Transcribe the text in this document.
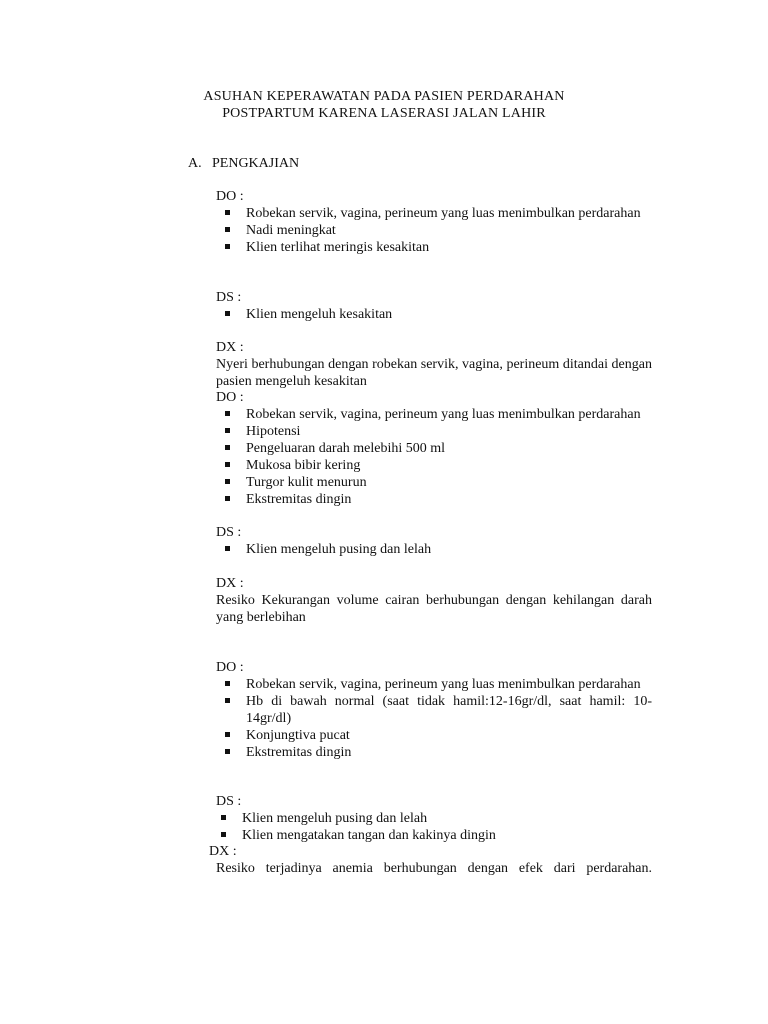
ASUHAN KEPERAWATAN PADA PASIEN PERDARAHAN
POSTPARTUM KARENA LASERASI JALAN LAHIR
A. PENGKAJIAN
DO :
Robekan servik, vagina, perineum yang luas menimbulkan perdarahan
Nadi meningkat
Klien terlihat meringis kesakitan
DS :
Klien mengeluh kesakitan
DX :
Nyeri berhubungan dengan robekan servik, vagina, perineum ditandai dengan pasien mengeluh kesakitan
DO :
Robekan servik, vagina, perineum yang luas menimbulkan perdarahan
Hipotensi
Pengeluaran darah melebihi 500 ml
Mukosa bibir kering
Turgor kulit menurun
Ekstremitas dingin
DS :
Klien mengeluh pusing dan lelah
DX :
Resiko Kekurangan volume cairan berhubungan dengan kehilangan darah yang berlebihan
DO :
Robekan servik, vagina, perineum yang luas menimbulkan perdarahan
Hb di bawah normal (saat tidak hamil:12-16gr/dl, saat hamil: 10-14gr/dl)
Konjungtiva pucat
Ekstremitas dingin
DS :
Klien mengeluh pusing dan lelah
Klien mengatakan tangan dan kakinya dingin
DX :
Resiko terjadinya anemia berhubungan dengan efek dari perdarahan.
